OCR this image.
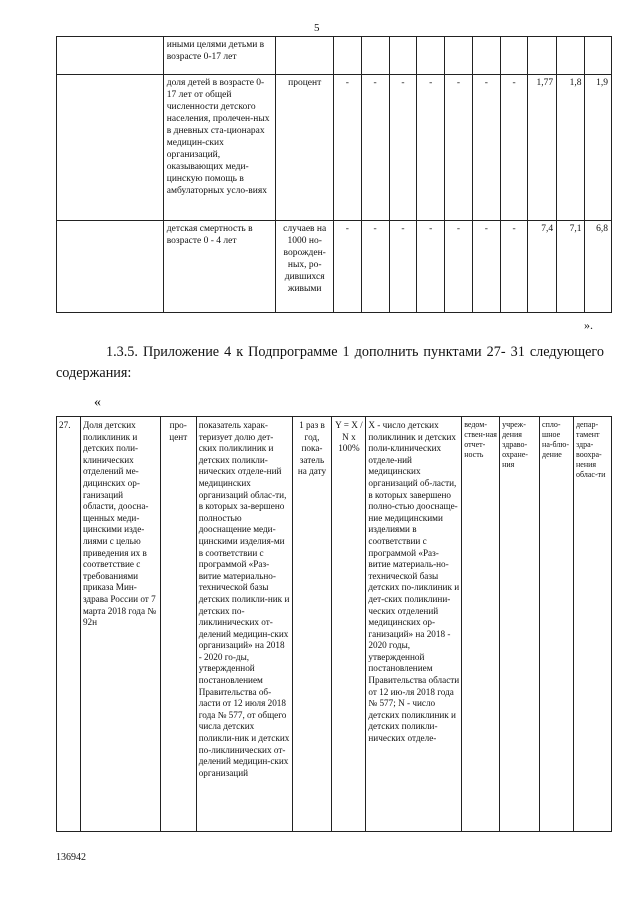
5
	иными целями детьми в возрасте 0-17 лет											
	доля детей в возрасте 0-17 лет от общей численности детского населения, пролечен-ных в дневных ста-ционарах медицин-ских организаций, оказывающих меди-цинскую помощь в амбулаторных усло-виях	процент	-	-	-	-	-	-	-	1,77	1,8	1,9
	детская смертность в возрасте 0 - 4 лет	случаев на 1000 но-ворожден-ных, ро-дившихся живыми	-	-	-	-	-	-	-	7,4	7,1	6,8
».
1.3.5. Приложение 4 к Подпрограмме 1 дополнить пунктами 27- 31 следующего содержания:
«
27.	Доля детских поликлиник и детских поли-клинических отделений ме-дицинских ор-ганизаций области, доосна-щенных меди-цинскими изде-лиями с целью приведения их в соответствие с требованиями приказа Мин-здрава России от 7 марта 2018 года № 92н	про-цент	показатель харак-теризует долю дет-ских поликлиник и детских поликли-нических отделе-ний медицинских организаций облас-ти, в которых за-вершено полностью дооснащение меди-цинскими изделия-ми в соответствии с программой «Раз-витие материально-технической базы детских поликли-ник и детских по-ликлинических от-делений медицин-ских организаций» на 2018 - 2020 го-ды, утвержденной постановлением Правительства об-ласти от 12 июля 2018 года № 577, от общего числа детских поликли-ник и детских по-ликлинических от-делений медицин-ских организаций	1 раз в год, пока-затель на дату	Y = X / N x 100%	X - число детских поликлиник и детских поли-клинических отделе-ний медицинских организаций об-ласти, в которых завершено полно-стью дооснаще-ние медицинскими изделиями в соответствии с программой «Раз-витие материаль-но-технической базы детских по-ликлиник и дет-ских поликлини-ческих отделений медицинских ор-ганизаций» на 2018 - 2020 годы, утвержденной постановлением Правительства области от 12 ию-ля 2018 года № 577; N - число детских поликлиник и детских поликли-нических отделе-	ведом-ствен-ная отчет-ность	учреж-дения здраво-охране-ния	спло-шное на-блю-дение	депар-тамент здра-воохра-нения облас-ти
136942
